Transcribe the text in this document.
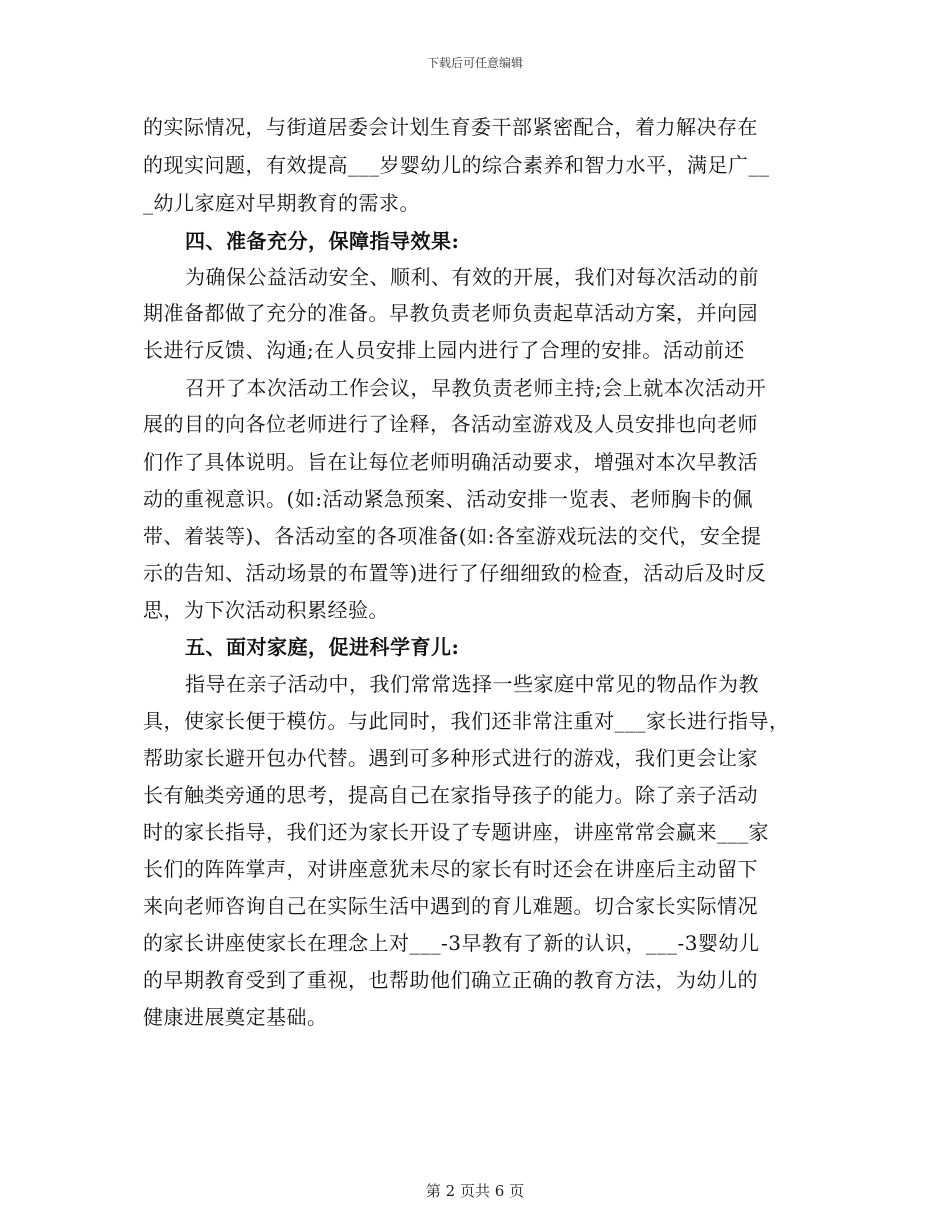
下载后可任意编辑
的实际情况，与街道居委会计划生育委干部紧密配合，着力解决存在
的现实问题，有效提高___岁婴幼儿的综合素养和智力水平，满足广__
_幼儿家庭对早期教育的需求。
四、准备充分，保障指导效果:
为确保公益活动安全、顺利、有效的开展，我们对每次活动的前
期准备都做了充分的准备。早教负责老师负责起草活动方案，并向园
长进行反馈、沟通;在人员安排上园内进行了合理的安排。活动前还
召开了本次活动工作会议，早教负责老师主持;会上就本次活动开
展的目的向各位老师进行了诠释，各活动室游戏及人员安排也向老师
们作了具体说明。旨在让每位老师明确活动要求，增强对本次早教活
动的重视意识。(如:活动紧急预案、活动安排一览表、老师胸卡的佩
带、着装等)、各活动室的各项准备(如:各室游戏玩法的交代，安全提
示的告知、活动场景的布置等)进行了仔细细致的检查，活动后及时反
思，为下次活动积累经验。
五、面对家庭，促进科学育儿:
指导在亲子活动中，我们常常选择一些家庭中常见的物品作为教
具，使家长便于模仿。与此同时，我们还非常注重对___家长进行指导，
帮助家长避开包办代替。遇到可多种形式进行的游戏，我们更会让家
长有触类旁通的思考，提高自己在家指导孩子的能力。除了亲子活动
时的家长指导，我们还为家长开设了专题讲座，讲座常常会赢来___家
长们的阵阵掌声，对讲座意犹未尽的家长有时还会在讲座后主动留下
来向老师咨询自己在实际生活中遇到的育儿难题。切合家长实际情况
的家长讲座使家长在理念上对___-3早教有了新的认识，___-3婴幼儿
的早期教育受到了重视，也帮助他们确立正确的教育方法，为幼儿的
健康进展奠定基础。
第 2 页共 6 页
